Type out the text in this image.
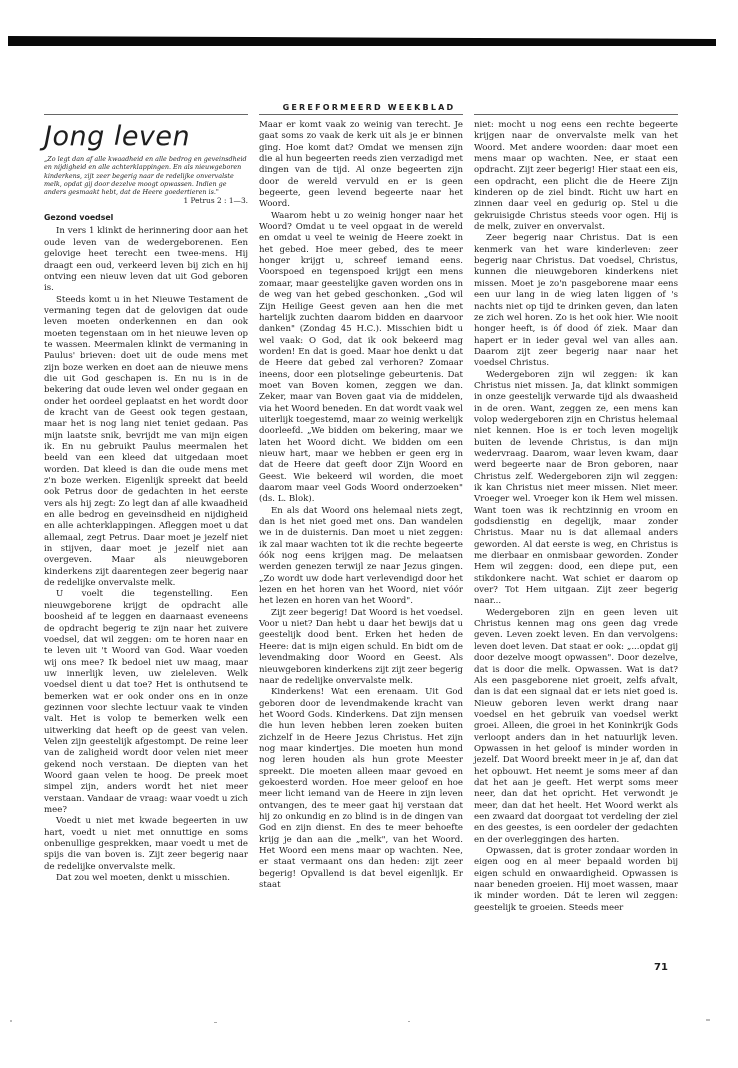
GEREFORMEERD WEEKBLAD
Jong leven

„Zo legt dan af alle kwaadheid en alle bedrog en geveinsdheid en nijdigheid en alle achterklappingen. En als nieuwgeboren kinderkens, zijt zeer begerig naar de redelijke onvervalste melk, opdat gij door dezelve moogt opwassen. Indien ge anders gesmaakt hebt, dat de Heere goedertieren is."

1 Petrus 2 : 1—3.

Gezond voedsel

In vers 1 klinkt de herinnering door aan het oude leven van de wedergeborenen. Een gelovige heet terecht een twee-mens. Hij draagt een oud, verkeerd leven bij zich en hij ontving een nieuw leven dat uit God geboren is.

Steeds komt u in het Nieuwe Testament de vermaning tegen dat de gelovigen dat oude leven moeten onderkennen en dan ook moeten tegenstaan om in het nieuwe leven op te wassen. Meermalen klinkt de vermaning in Paulus' brieven: doet uit de oude mens met zijn boze werken en doet aan de nieuwe mens die uit God geschapen is. En nu is in de bekering dat oude leven wel onder gegaan en onder het oordeel geplaatst en het wordt door de kracht van de Geest ook tegen gestaan, maar het is nog lang niet teniet gedaan. Pas mijn laatste snik, bevrijdt me van mijn eigen ik. En nu gebruikt Paulus meermalen het beeld van een kleed dat uitgedaan moet worden. Dat kleed is dan die oude mens met z'n boze werken. Eigenlijk spreekt dat beeld ook Petrus door de gedachten in het eerste vers als hij zegt: Zo legt dan af alle kwaadheid en alle bedrog en geveinsdheid en nijdigheid en alle achterklappingen. Afleggen moet u dat allemaal, zegt Petrus. Daar moet je jezelf niet in stijven, daar moet je jezelf niet aan overgeven. Maar als nieuwgeboren kinderkens zijt daarentegen zeer begerig naar de redelijke onvervalste melk.

U voelt die tegenstelling. Een nieuwgeborene krijgt de opdracht alle boosheid af te leggen en daarnaast eveneens de opdracht begerig te zijn naar het zuivere voedsel, dat wil zeggen: om te horen naar en te leven uit 't Woord van God. Waar voeden wij ons mee? Ik bedoel niet uw maag, maar uw innerlijk leven, uw zieleleven. Welk voedsel dient u dat toe? Het is onthutsend te bemerken wat er ook onder ons en in onze gezinnen voor slechte lectuur vaak te vinden valt. Het is volop te bemerken welk een uitwerking dat heeft op de geest van velen. Velen zijn geestelijk afgestompt. De reine leer van de zaligheid wordt door velen niet meer gekend noch verstaan. De diepten van het Woord gaan velen te hoog. De preek moet simpel zijn, anders wordt het niet meer verstaan. Vandaar de vraag: waar voedt u zich mee?

Voedt u niet met kwade begeerten in uw hart, voedt u niet met onnuttige en soms onbenullige gesprekken, maar voedt u met de spijs die van boven is. Zijt zeer begerig naar de redelijke onvervalste melk.

Dat zou wel moeten, denkt u misschien.

Maar er komt vaak zo weinig van terecht. Je gaat soms zo vaak de kerk uit als je er binnen ging. Hoe komt dat? Omdat we mensen zijn die al hun begeerten reeds zien verzadigd met dingen van de tijd. Al onze begeerten zijn door de wereld vervuld en er is geen begeerte, geen levend begeerte naar het Woord.

Waarom hebt u zo weinig honger naar het Woord? Omdat u te veel opgaat in de wereld en omdat u veel te weinig de Heere zoekt in het gebed. Hoe meer gebed, des te meer honger krijgt u, schreef iemand eens. Voorspoed en tegenspoed krijgt een mens zomaar, maar geestelijke gaven worden ons in de weg van het gebed geschonken. „God wil Zijn Heilige Geest geven aan hen die met hartelijk zuchten daarom bidden en daarvoor danken" (Zondag 45 H.C.). Misschien bidt u wel vaak: O God, dat ik ook bekeerd mag worden! En dat is goed. Maar hoe denkt u dat de Heere dat gebed zal verhoren? Zomaar ineens, door een plotselinge gebeurtenis. Dat moet van Boven komen, zeggen we dan. Zeker, maar van Boven gaat via de middelen, via het Woord beneden. En dat wordt vaak wel uiterlijk toegestemd, maar zo weinig werkelijk doorleefd. „We bidden om bekering, maar we laten het Woord dicht. We bidden om een nieuw hart, maar we hebben er geen erg in dat de Heere dat geeft door Zijn Woord en Geest. Wie bekeerd wil worden, die moet daarom maar veel Gods Woord onderzoeken" (ds. L. Blok).

En als dat Woord ons helemaal niets zegt, dan is het niet goed met ons. Dan wandelen we in de duisternis. Dan moet u niet zeggen: ik zal maar wachten tot ik die rechte begeerte óók nog eens krijgen mag. De melaatsen werden genezen terwijl ze naar Jezus gingen. „Zo wordt uw dode hart verlevendigd door het lezen en het horen van het Woord, niet vóór het lezen en horen van het Woord".

Zijt zeer begerig! Dat Woord is het voedsel. Voor u niet? Dan hebt u daar het bewijs dat u geestelijk dood bent. Erken het heden de Heere: dat is mijn eigen schuld. En bidt om de levendmaking door Woord en Geest. Als nieuwgeboren kinderkens zijt zijt zeer begerig naar de redelijke onvervalste melk.

Kinderkens! Wat een erenaam. Uit God geboren door de levendmakende kracht van het Woord Gods. Kinderkens. Dat zijn mensen die hun leven hebben leren zoeken buiten zichzelf in de Heere Jezus Christus. Het zijn nog maar kindertjes. Die moeten hun mond nog leren houden als hun grote Meester spreekt. Die moeten alleen maar gevoed en gekoesterd worden. Hoe meer geloof en hoe meer licht iemand van de Heere in zijn leven ontvangen, des te meer gaat hij verstaan dat hij zo onkundig en zo blind is in de dingen van God en zijn dienst. En des te meer behoefte krijg je dan aan die „melk", van het Woord. Het Woord een mens maar op wachten. Nee, er staat vermaant ons dan heden: zijt zeer begerig! Opvallend is dat bevel eigenlijk. Er staat

niet: mocht u nog eens een rechte begeerte krijgen naar de onvervalste melk van het Woord. Met andere woorden: daar moet een mens maar op wachten. Nee, er staat een opdracht. Zijt zeer begerig! Hier staat een eis, een opdracht, een plicht die de Heere Zijn kinderen op de ziel bindt. Richt uw hart en zinnen daar veel en gedurig op. Stel u die gekruisigde Christus steeds voor ogen. Hij is de melk, zuiver en onvervalst.

Zeer begerig naar Christus. Dat is een kenmerk van het ware kinderleven: zeer begerig naar Christus. Dat voedsel, Christus, kunnen die nieuwgeboren kinderkens niet missen. Moet je zo'n pasgeborene maar eens een uur lang in de wieg laten liggen of 's nachts niet op tijd te drinken geven, dan laten ze zich wel horen. Zo is het ook hier. Wie nooit honger heeft, is óf dood óf ziek. Maar dan hapert er in ieder geval wel van alles aan. Daarom zijt zeer begerig naar naar het voedsel Christus.

Wedergeboren zijn wil zeggen: ik kan Christus niet missen. Ja, dat klinkt sommigen in onze geestelijk verwarde tijd als dwaasheid in de oren. Want, zeggen ze, een mens kan volop wedergeboren zijn en Christus helemaal niet kennen. Hoe is er toch leven mogelijk buiten de levende Christus, is dan mijn wedervraag. Daarom, waar leven kwam, daar werd begeerte naar de Bron geboren, naar Christus zelf. Wedergeboren zijn wil zeggen: ik kan Christus niet meer missen. Niet meer. Vroeger wel. Vroeger kon ik Hem wel missen. Want toen was ik rechtzinnig en vroom en godsdienstig en degelijk, maar zonder Christus. Maar nu is dat allemaal anders geworden. Al dat eerste is weg, en Christus is me dierbaar en onmisbaar geworden. Zonder Hem wil zeggen: dood, een diepe put, een stikdonkere nacht. Wat schiet er daarom op over? Tot Hem uitgaan. Zijt zeer begerig naar...

Wedergeboren zijn en geen leven uit Christus kennen mag ons geen dag vrede geven. Leven zoekt leven. En dan vervolgens: leven doet leven. Dat staat er ook: „...opdat gij door dezelve moogt opwassen". Door dezelve, dat is door die melk. Opwassen. Wat is dat? Als een pasgeborene niet groeit, zelfs afvalt, dan is dat een signaal dat er iets niet goed is. Nieuw geboren leven werkt drang naar voedsel en het gebruik van voedsel werkt groei. Alleen, die groei in het Koninkrijk Gods verloopt anders dan in het natuurlijk leven. Opwassen in het geloof is minder worden in jezelf. Dat Woord breekt meer in je af, dan dat het opbouwt. Het neemt je soms meer af dan dat het aan je geeft. Het werpt soms meer neer, dan dat het opricht. Het verwondt je meer, dan dat het heelt. Het Woord werkt als een zwaard dat doorgaat tot verdeling der ziel en des geestes, is een oordeler der gedachten en der overleggingen des harten.

Opwassen, dat is groter zondaar worden in eigen oog en al meer bepaald worden bij eigen schuld en onwaardigheid. Opwassen is naar beneden groeien. Hij moet wassen, maar ik minder worden. Dát te leren wil zeggen: geestelijk te groeien. Steeds meer

71
